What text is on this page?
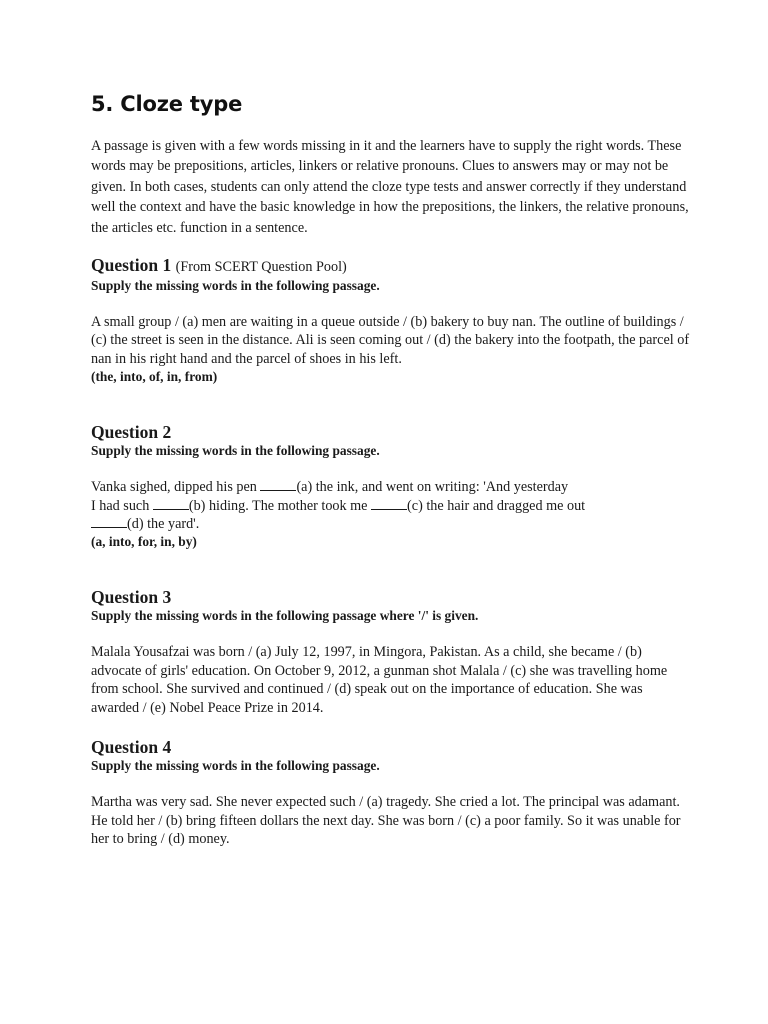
5. Cloze type

A passage is given with a few words missing in it and the learners have to supply the right words. These words may be prepositions, articles, linkers or relative pronouns. Clues to answers may or may not be given. In both cases, students can only attend the cloze type tests and answer correctly if they understand well the context and have the basic knowledge in how the prepositions, the linkers, the relative pronouns, the articles etc. function in a sentence.

Question 1 (From SCERT Question Pool)

Supply the missing words in the following passage.

A small group / (a) men are waiting in a queue outside / (b) bakery to buy nan. The outline of buildings / (c) the street is seen in the distance. Ali is seen coming out / (d) the bakery into the footpath, the parcel of nan in his right hand and the parcel of shoes in his left.

(the, into, of, in, from)

Question 2

Supply the missing words in the following passage.

Vanka sighed, dipped his pen	(a) the ink, and went on writing: 'And yesterday
I had such	(b) hiding. The mother took me	(c) the hair and dragged me out
(d) the yard'.

(a, into, for, in, by)

Question 3

Supply the missing words in the following passage where '/' is given.

Malala Yousafzai was born / (a) July 12, 1997, in Mingora, Pakistan. As a child, she became / (b) advocate of girls' education. On October 9, 2012, a gunman shot Malala / (c) she was travelling home from school. She survived and continued / (d) speak out on the importance of education. She was awarded / (e) Nobel Peace Prize in 2014.

Question 4

Supply the missing words in the following passage.

Martha was very sad. She never expected such / (a) tragedy. She cried a lot. The principal was adamant. He told her / (b) bring fifteen dollars the next day. She was born / (c) a poor family. So it was unable for her to bring / (d) money.
